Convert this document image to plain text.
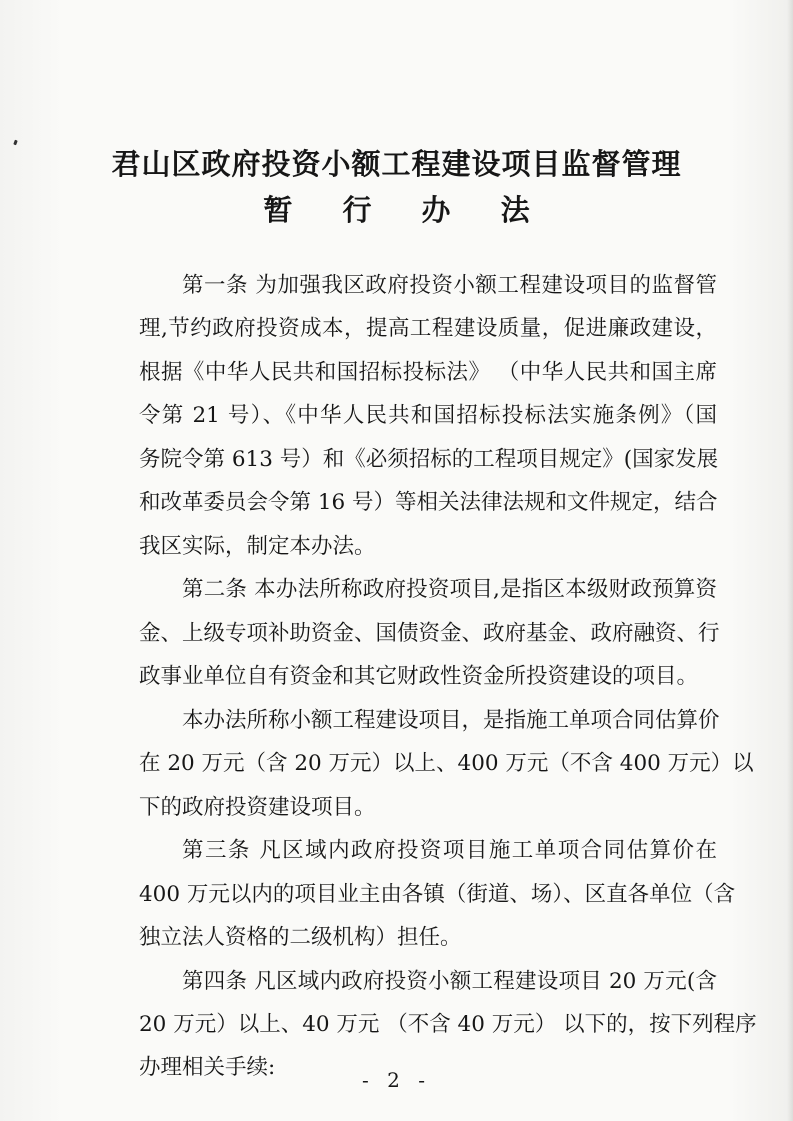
君山区政府投资小额工程建设项目监督管理
暂 行 办 法
第一条 为加强我区政府投资小额工程建设项目的监督管
理,节约政府投资成本，提高工程建设质量，促进廉政建设，
根据《中华人民共和国招标投标法》 （中华人民共和国主席
令第 21 号）、《中华人民共和国招标投标法实施条例》（国
务院令第 613 号）和《必须招标的工程项目规定》(国家发展
和改革委员会令第 16 号）等相关法律法规和文件规定，结合
我区实际，制定本办法。
第二条 本办法所称政府投资项目,是指区本级财政预算资
金、上级专项补助资金、国债资金、政府基金、政府融资、行
政事业单位自有资金和其它财政性资金所投资建设的项目。
本办法所称小额工程建设项目，是指施工单项合同估算价
在 20 万元（含 20 万元）以上、400 万元（不含 400 万元）以
下的政府投资建设项目。
第三条 凡区域内政府投资项目施工单项合同估算价在
400 万元以内的项目业主由各镇（街道、场）、区直各单位（含
独立法人资格的二级机构）担任。
第四条 凡区域内政府投资小额工程建设项目 20 万元(含
20 万元）以上、40 万元 （不含 40 万元） 以下的，按下列程序
- 2 -
办理相关手续:
